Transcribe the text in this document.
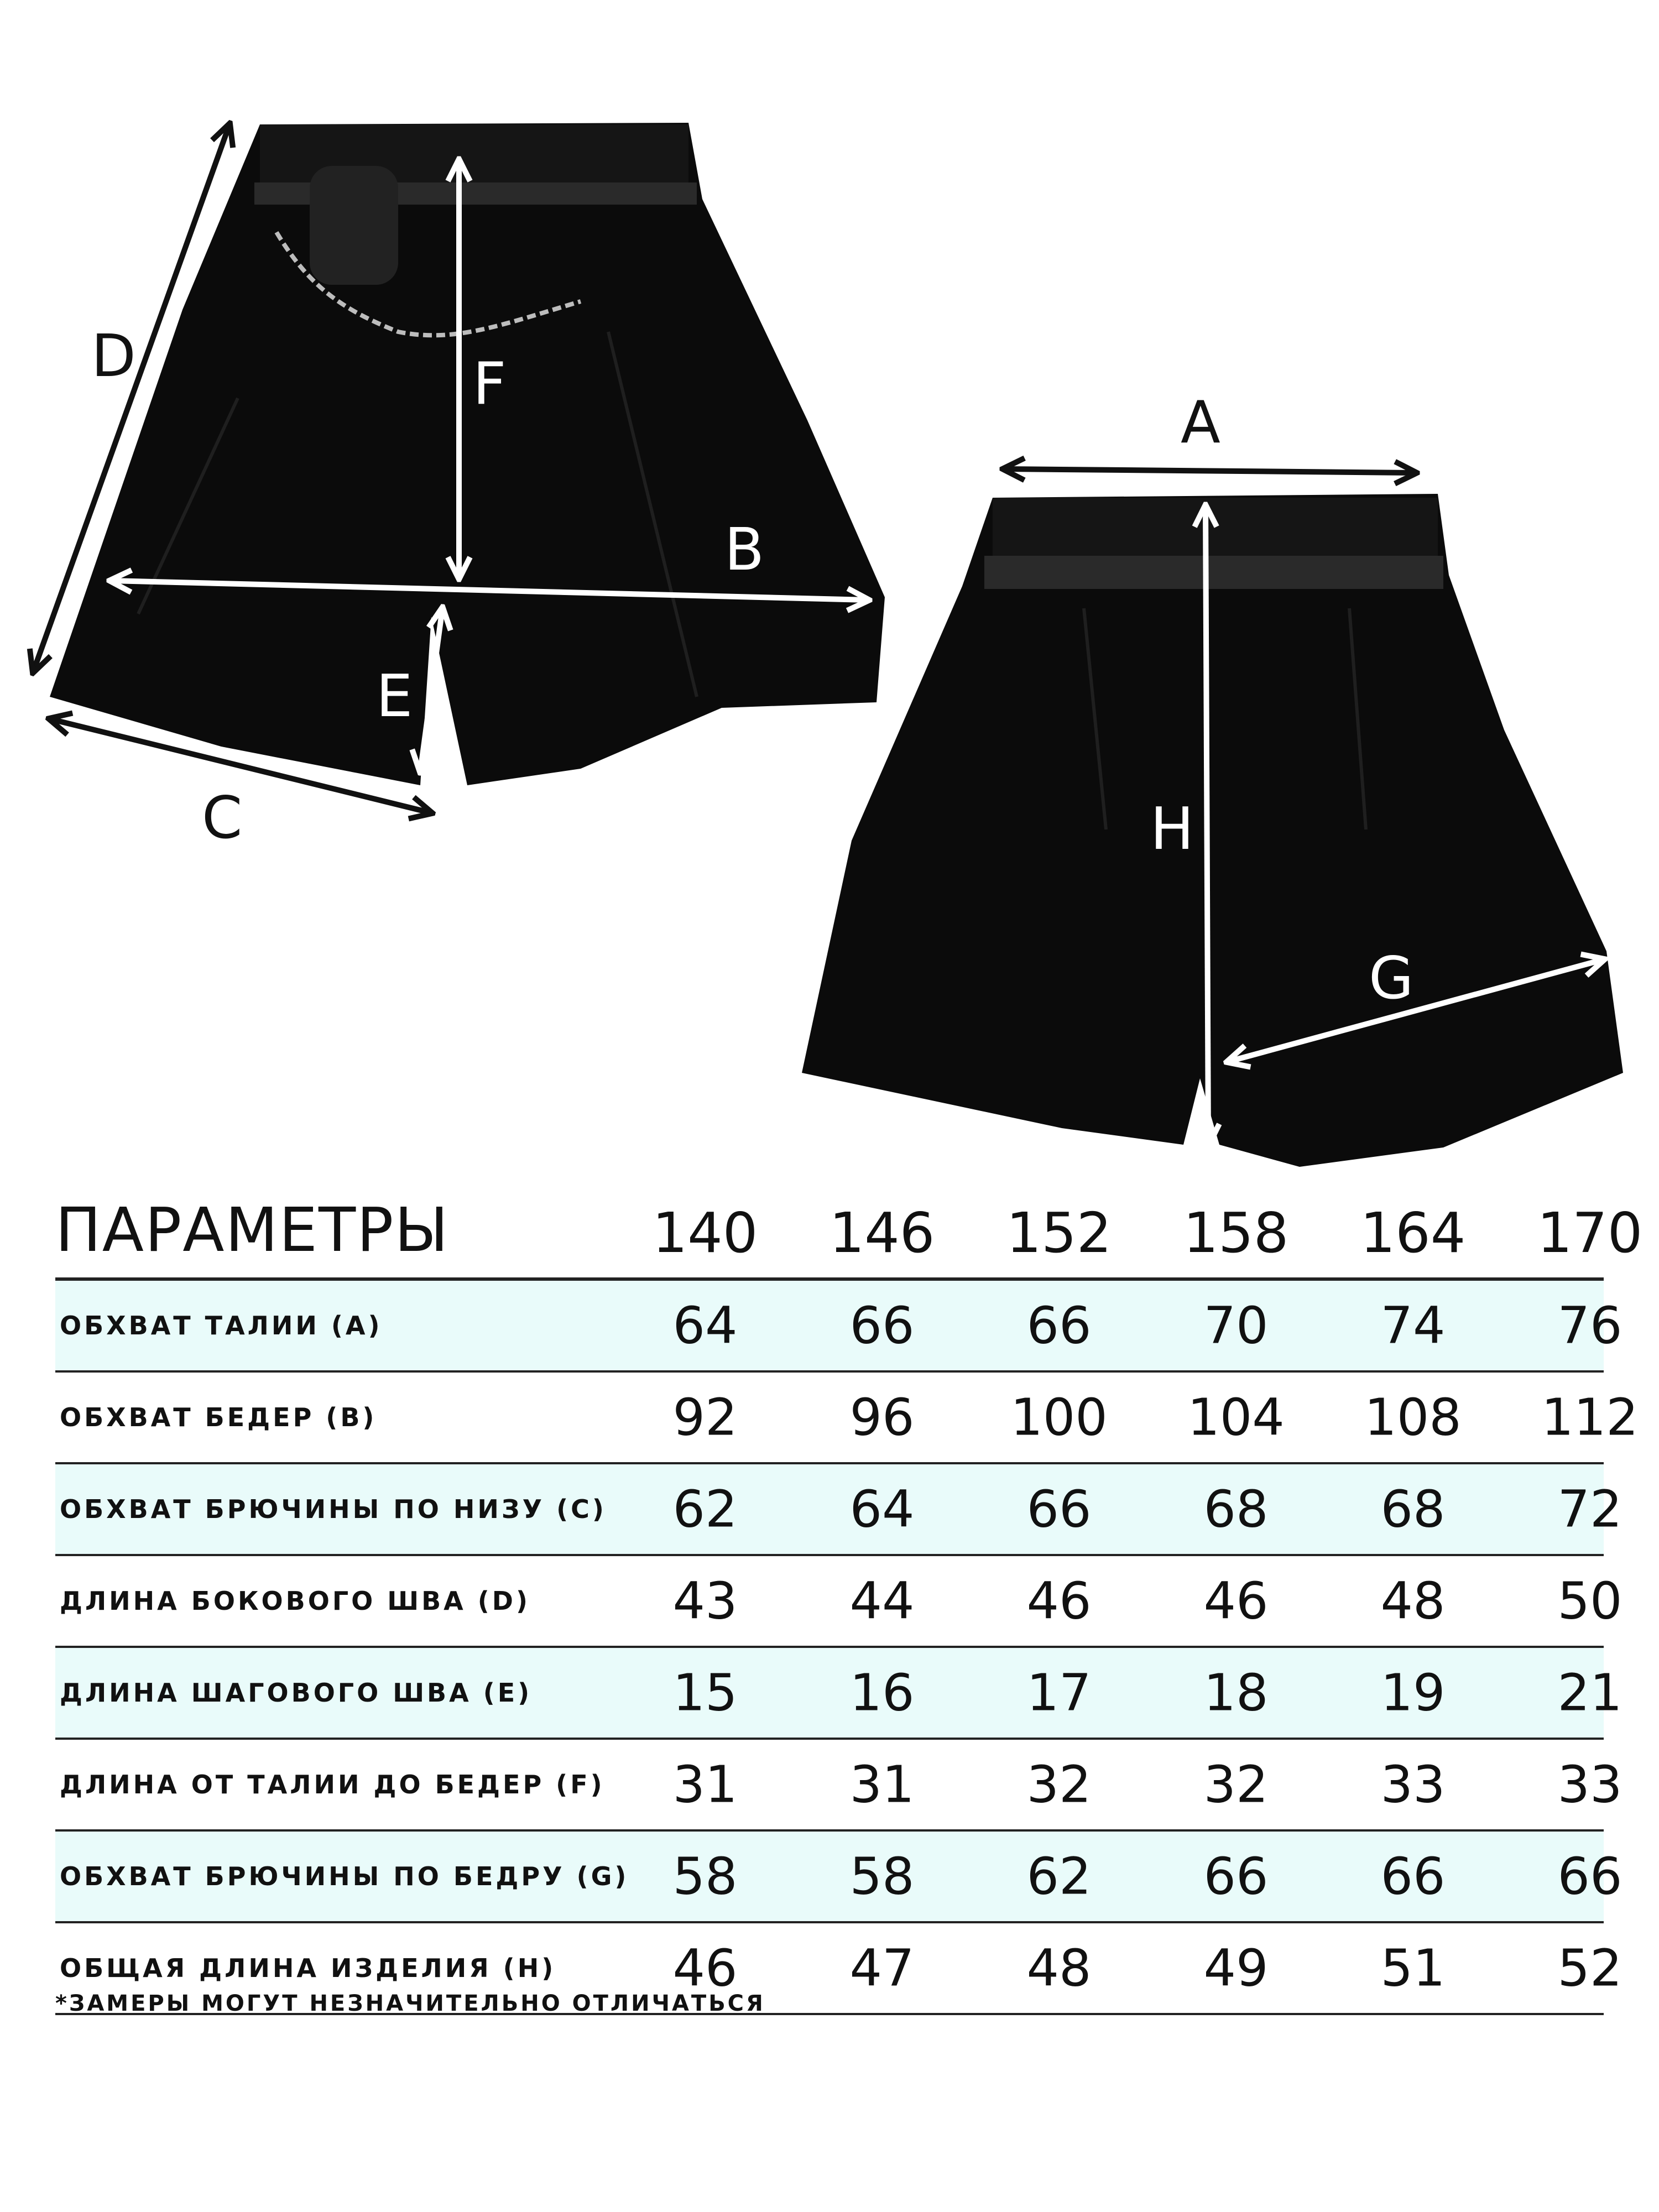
D	F
B
E
C
A
H
G
ПАРАМЕТРЫ	140	146	152	158	164	170
ОБХВАТ ТАЛИИ (А)	64	66	66	70	74	76
ОБХВАТ БЕДЕР (В)	92	96	100	104	108	112
ОБХВАТ БРЮЧИНЫ ПО НИЗУ (С)	62	64	66	68	68	72
ДЛИНА БОКОВОГО ШВА (D)	43	44	46	46	48	50
ДЛИНА ШАГОВОГО ШВА (Е)	15	16	17	18	19	21
ДЛИНА ОТ ТАЛИИ ДО БЕДЕР (F)	31	31	32	32	33	33
ОБХВАТ БРЮЧИНЫ ПО БЕДРУ (G) 58	58	62	66	66	66
ОБЩАЯ ДЛИНА ИЗДЕЛИЯ (Н)	46	47	48	49	51	52
*ЗАМЕРЫ МОГУТ НЕЗНАЧИТЕЛЬНО ОТЛИЧАТЬСЯ
